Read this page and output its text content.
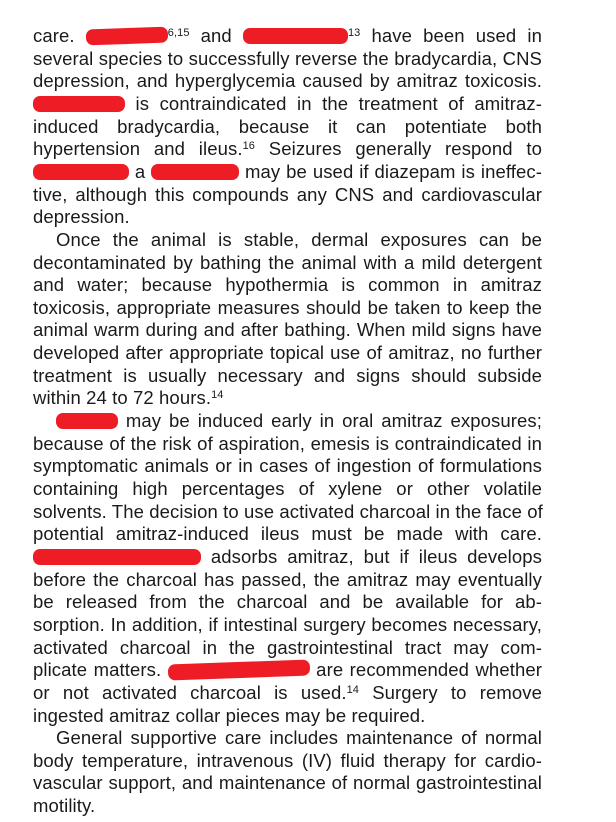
care.	$^{6,15}$ and	$^{13}$ have been used in
several species to successfully reverse the bradycardia, CNS
depression, and hyperglycemia caused by amitraz toxicosis.
is contraindicated in the treatment of amitraz-
induced bradycardia, because it can potentiate both
hypertension and ileus.$^{16}$ Seizures generally respond to
a	may be used if diazepam is ineffec-
tive, although this compounds any CNS and cardiovascular
depression.
Once the animal is stable, dermal exposures can be
decontaminated by bathing the animal with a mild detergent
and water; because hypothermia is common in amitraz
toxicosis, appropriate measures should be taken to keep the
animal warm during and after bathing. When mild signs have
developed after appropriate topical use of amitraz, no further
treatment is usually necessary and signs should subside
within 24 to 72 hours.$^{14}$
may be induced early in oral amitraz exposures;
because of the risk of aspiration, emesis is contraindicated in
symptomatic animals or in cases of ingestion of formulations
containing high percentages of xylene or other volatile
solvents. The decision to use activated charcoal in the face of
potential amitraz-induced ileus must be made with care.
adsorbs amitraz, but if ileus develops
before the charcoal has passed, the amitraz may eventually
be released from the charcoal and be available for ab-
sorption. In addition, if intestinal surgery becomes necessary,
activated charcoal in the gastrointestinal tract may com-
plicate matters.	are recommended whether
or not activated charcoal is used.$^{14}$ Surgery to remove
ingested amitraz collar pieces may be required.
General supportive care includes maintenance of normal
body temperature, intravenous (IV) fluid therapy for cardio-
vascular support, and maintenance of normal gastrointestinal
motility.
